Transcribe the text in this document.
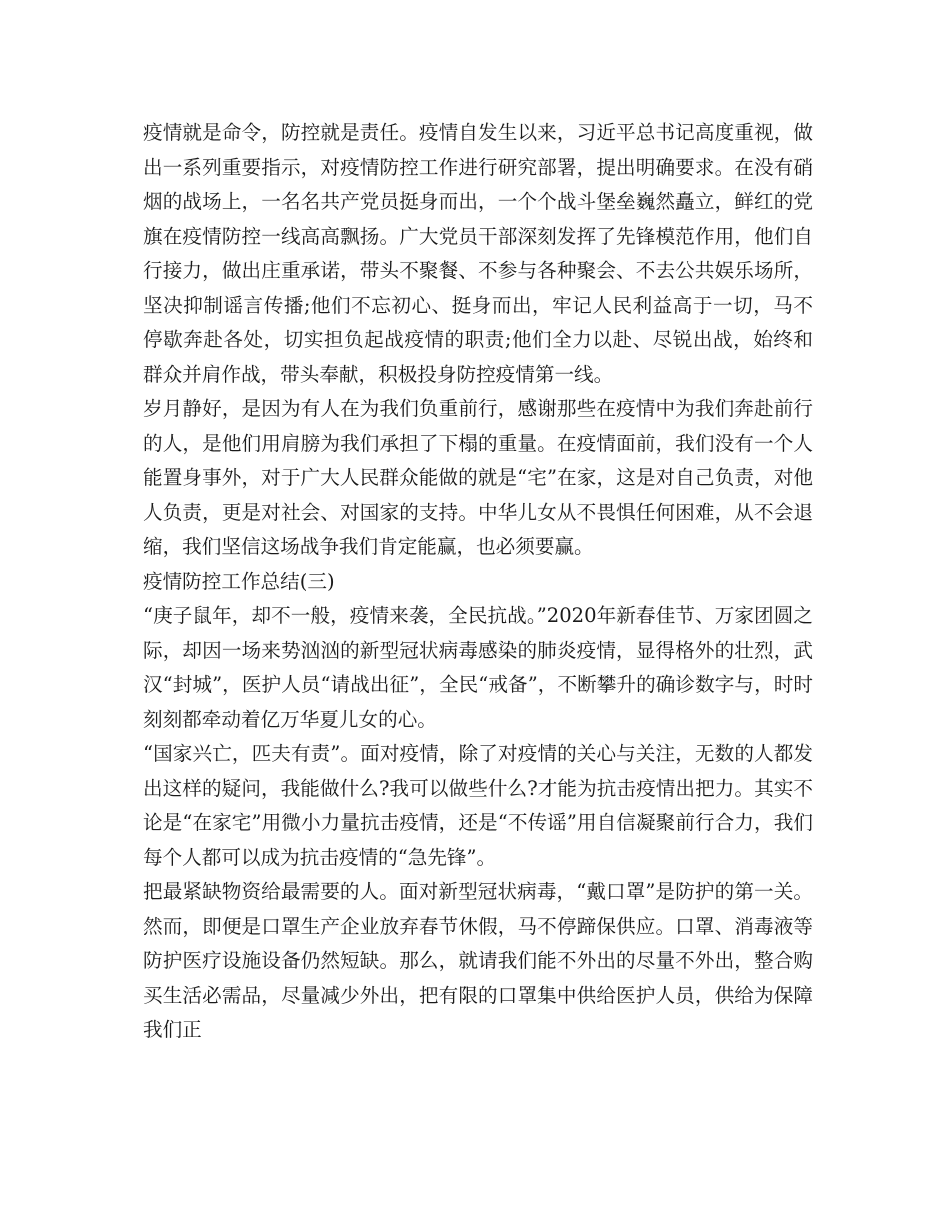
疫情就是命令，防控就是责任。疫情自发生以来，习近平总书记高度重视，做出一系列重要指示，对疫情防控工作进行研究部署，提出明确要求。在没有硝烟的战场上，一名名共产党员挺身而出，一个个战斗堡垒巍然矗立，鲜红的党旗在疫情防控一线高高飘扬。广大党员干部深刻发挥了先锋模范作用，他们自行接力，做出庄重承诺，带头不聚餐、不参与各种聚会、不去公共娱乐场所，坚决抑制谣言传播;他们不忘初心、挺身而出，牢记人民利益高于一切，马不停歇奔赴各处，切实担负起战疫情的职责;他们全力以赴、尽锐出战，始终和群众并肩作战，带头奉献，积极投身防控疫情第一线。

岁月静好，是因为有人在为我们负重前行，感谢那些在疫情中为我们奔赴前行的人，是他们用肩膀为我们承担了下榻的重量。在疫情面前，我们没有一个人能置身事外，对于广大人民群众能做的就是“宅”在家，这是对自己负责，对他人负责，更是对社会、对国家的支持。中华儿女从不畏惧任何困难，从不会退缩，我们坚信这场战争我们肯定能赢，也必须要赢。

疫情防控工作总结(三)

“庚子鼠年，却不一般，疫情来袭，全民抗战。”2020年新春佳节、万家团圆之际，却因一场来势汹汹的新型冠状病毒感染的肺炎疫情，显得格外的壮烈，武汉“封城”，医护人员“请战出征”，全民“戒备”，不断攀升的确诊数字与，时时刻刻都牵动着亿万华夏儿女的心。

“国家兴亡，匹夫有责”。面对疫情，除了对疫情的关心与关注，无数的人都发出这样的疑问，我能做什么?我可以做些什么?才能为抗击疫情出把力。其实不论是“在家宅”用微小力量抗击疫情，还是“不传谣”用自信凝聚前行合力，我们每个人都可以成为抗击疫情的“急先锋”。

把最紧缺物资给最需要的人。面对新型冠状病毒，“戴口罩”是防护的第一关。然而，即便是口罩生产企业放弃春节休假，马不停蹄保供应。口罩、消毒液等防护医疗设施设备仍然短缺。那么，就请我们能不外出的尽量不外出，整合购买生活必需品，尽量减少外出，把有限的口罩集中供给医护人员，供给为保障我们正
